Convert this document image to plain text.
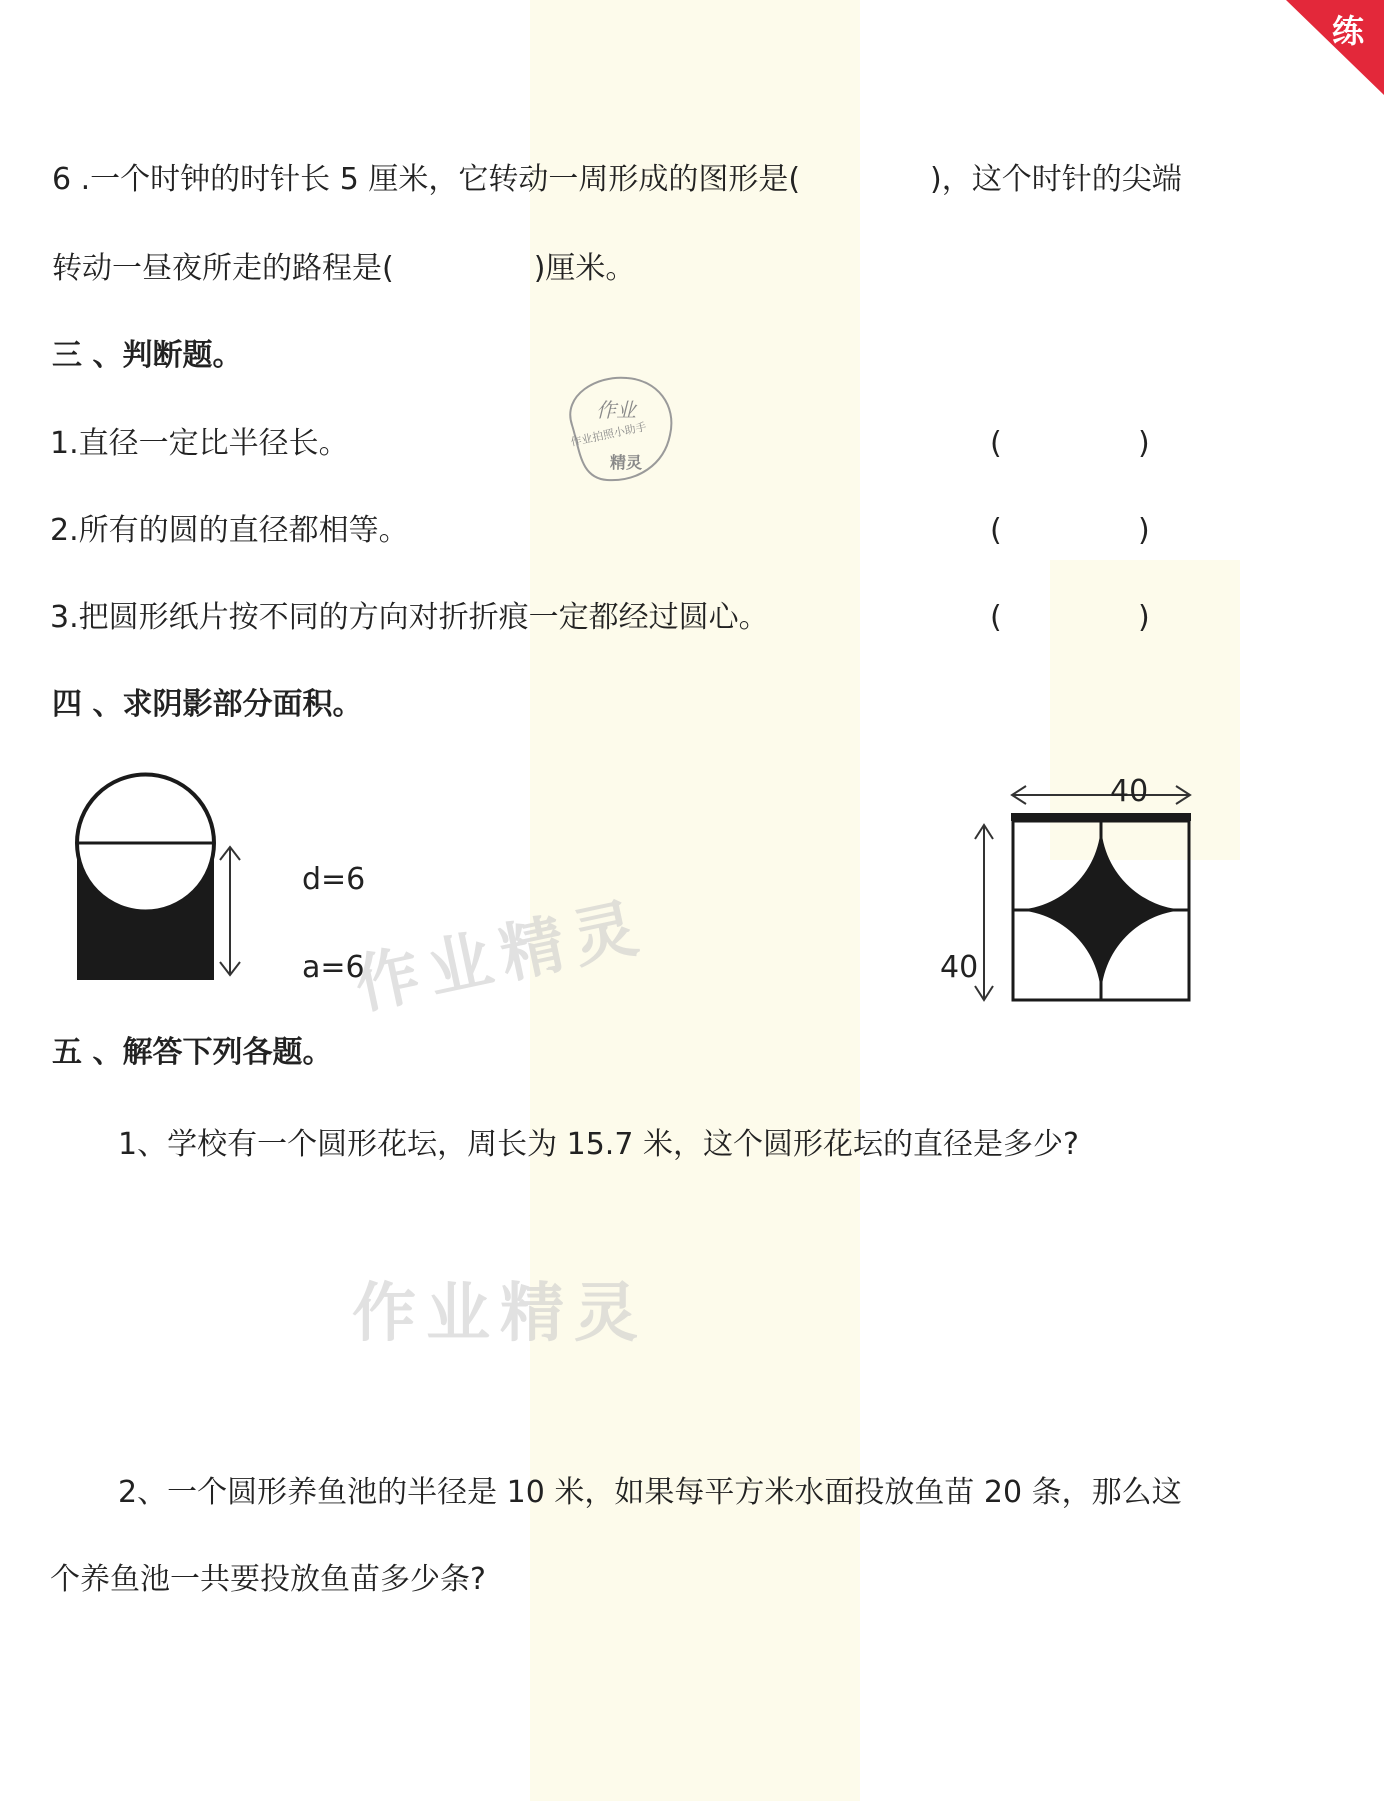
练
6 .一个时钟的时针长 5 厘米，它转动一周形成的图形是(	)，这个时针的尖端
转动一昼夜所走的路程是(	)厘米。
三 、判断题。
1.直径一定比半径长。	(	)
2.所有的圆的直径都相等。	(	)
3.把圆形纸片按不同的方向对折折痕一定都经过圆心。	(	)
作业
作业拍照小助手
精灵
四 、求阴影部分面积。
d=6
a=6
作业精灵
40
40
五 、解答下列各题。
1、学校有一个圆形花坛，周长为 15.7 米，这个圆形花坛的直径是多少?
作业精灵
2、一个圆形养鱼池的半径是 10 米，如果每平方米水面投放鱼苗 20 条，那么这
个养鱼池一共要投放鱼苗多少条?
